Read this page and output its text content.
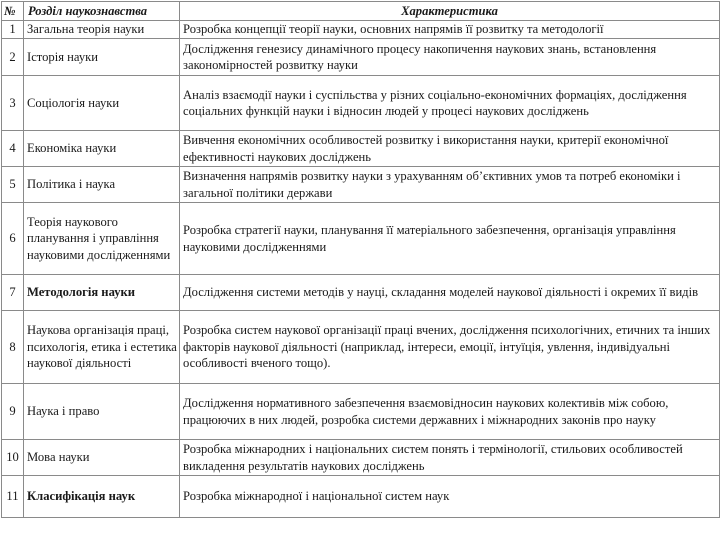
№	Розділ наукознавства	Характеристика
1	Загальна теорія науки	Розробка концепції теорії науки, основних напрямів її розвитку та методології
2	Історія науки	Дослідження генезису динамічного процесу накопичення наукових знань, встановлення закономірностей розвитку науки
3	Соціологія науки	Аналіз взаємодії науки і суспільства у різних соціально-економічних формаціях, дослідження соціальних функцій науки і відносин людей у процесі наукових досліджень
4	Економіка науки	Вивчення економічних особливостей розвитку і використання науки, критерії економічної ефективності наукових досліджень
5	Політика і наука	Визначення напрямів розвитку науки з урахуванням об’єктивних умов та потреб економіки і загальної політики держави
6	Теорія наукового планування і управління науковими дослідженнями	Розробка стратегії науки, планування її матеріального забезпечення, організація управління науковими дослідженнями
7	Методологія науки	Дослідження системи методів у науці, складання моделей наукової діяльності і окремих її видів
8	Наукова організація праці, психологія, етика і естетика наукової діяльності	Розробка систем наукової організації праці вчених, дослідження психологічних, етичних та інших факторів наукової діяльності (наприклад, інтереси, емоції, інтуїція, увлення, індивідуальні особливості вченого тощо).
9	Наука і право	Дослідження нормативного забезпечення взаємовідносин наукових колективів між собою, працюючих в них людей, розробка системи державних і міжнародних законів про науку
10	Мова науки	Розробка міжнародних і національних систем понять і термінології, стильових особливостей викладення результатів наукових досліджень
11	Класифікація наук	Розробка міжнародної і національної систем наук
